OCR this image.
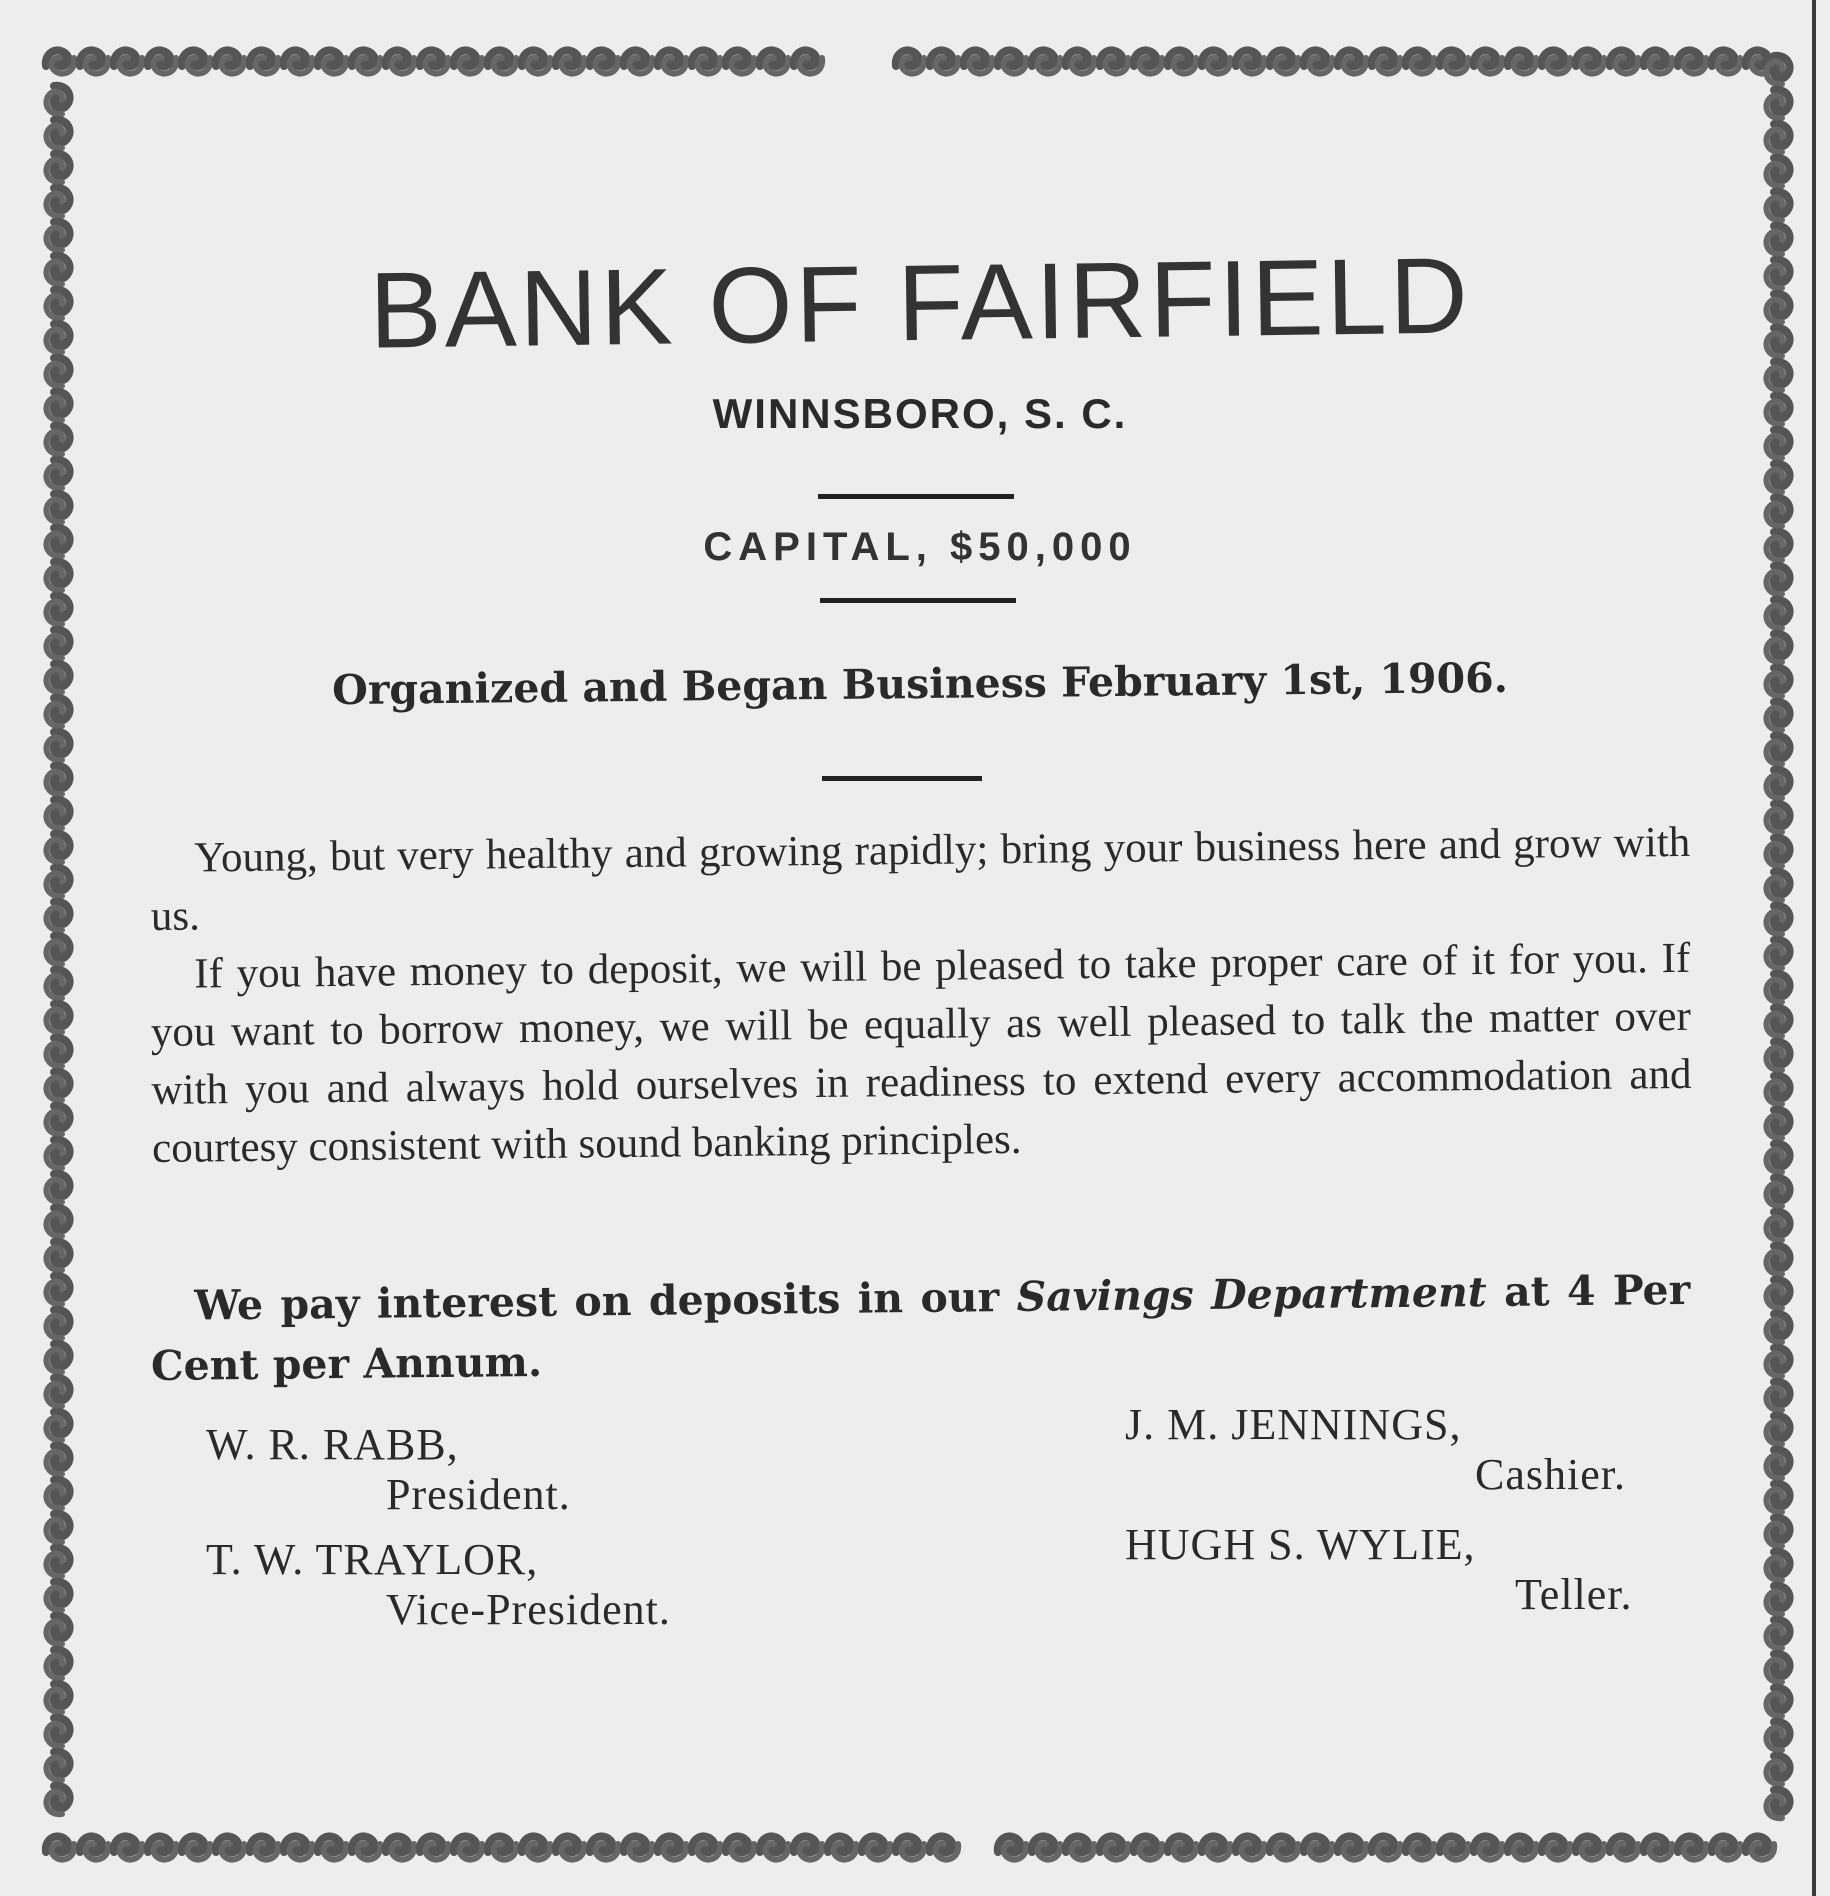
BANK OF FAIRFIELD
WINNSBORO, S. C.
CAPITAL, $50,000
Organized and Began Business February 1st, 1906.

Young, but very healthy and growing rapidly; bring your business here and grow with us.

If you have money to deposit, we will be pleased to take proper care of it for you. If you want to borrow money, we will be equally as well pleased to talk the matter over with you and always hold ourselves in readiness to extend every accommodation and courtesy consistent with sound banking principles.

We pay interest on deposits in our Savings Department at 4 Per Cent per Annum.

W. R. RABB,
President.
T. W. TRAYLOR,
Vice-President.
J. M. JENNINGS,
Cashier.
HUGH S. WYLIE,
Teller.
